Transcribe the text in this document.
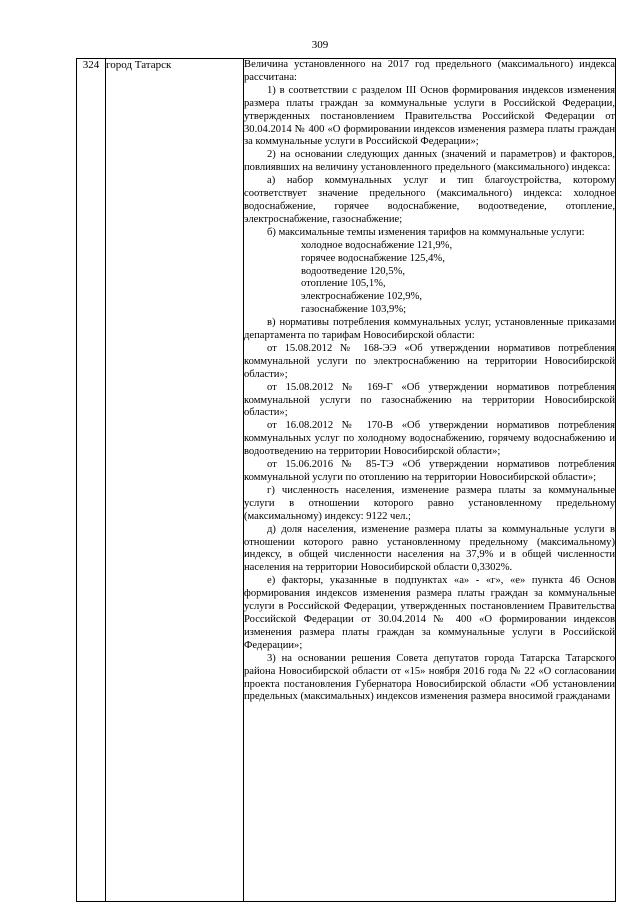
309
324	город Татарск	Величина установленного на 2017 год предельного (максимального) индекса рассчитана:

1) в соответствии с разделом III Основ формирования индексов изменения размера платы граждан за коммунальные услуги в Российской Федерации, утвержденных постановлением Правительства Российской Федерации от 30.04.2014 № 400 «О формировании индексов изменения размера платы граждан за коммунальные услуги в Российской Федерации»;

2) на основании следующих данных (значений и параметров) и факторов, повлиявших на величину установленного предельного (максимального) индекса:

а) набор коммунальных услуг и тип благоустройства, которому соответствует значение предельного (максимального) индекса: холодное водоснабжение, горячее водоснабжение, водоотведение, отопление, электроснабжение, газоснабжение;

б) максимальные темпы изменения тарифов на коммунальные услуги:

холодное водоснабжение 121,9%,
горячее водоснабжение 125,4%,
водоотведение 120,5%,
отопление 105,1%,
электроснабжение 102,9%,
газоснабжение 103,9%;

в) нормативы потребления коммунальных услуг, установленные приказами департамента по тарифам Новосибирской области:

от 15.08.2012 № 168-ЭЭ «Об утверждении нормативов потребления коммунальной услуги по электроснабжению на территории Новосибирской области»;

от 15.08.2012 № 169-Г «Об утверждении нормативов потребления коммунальной услуги по газоснабжению на территории Новосибирской области»;

от 16.08.2012 № 170-В «Об утверждении нормативов потребления коммунальных услуг по холодному водоснабжению, горячему водоснабжению и водоотведению на территории Новосибирской области»;

от 15.06.2016 № 85-ТЭ «Об утверждении нормативов потребления коммунальной услуги по отоплению на территории Новосибирской области»;

г) численность населения, изменение размера платы за коммунальные услуги в отношении которого равно установленному предельному (максимальному) индексу: 9122 чел.;

д) доля населения, изменение размера платы за коммунальные услуги в отношении которого равно установленному предельному (максимальному) индексу, в общей численности населения на 37,9% и в общей численности населения на территории Новосибирской области 0,3302%.

е) факторы, указанные в подпунктах «а» - «г», «е» пункта 46 Основ формирования индексов изменения размера платы граждан за коммунальные услуги в Российской Федерации, утвержденных постановлением Правительства Российской Федерации от 30.04.2014 № 400 «О формировании индексов изменения размера платы граждан за коммунальные услуги в Российской Федерации»;

3) на основании решения Совета депутатов города Татарска Татарского района Новосибирской области от «15» ноября 2016 года № 22 «О согласовании проекта постановления Губернатора Новосибирской области «Об установлении предельных (максимальных) индексов изменения размера вносимой гражданами
